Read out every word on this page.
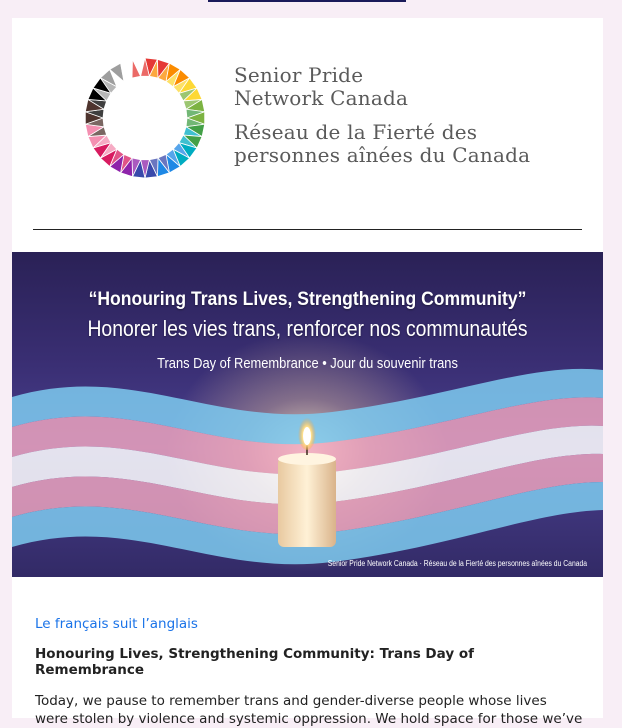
Senior Pride
Network Canada
Réseau de la Fierté des
personnes aînées du Canada
“Honouring Trans Lives, Strengthening Community”
Honorer les vies trans, renforcer nos communautés
Trans Day of Remembrance • Jour du souvenir trans
Senior Pride Network Canada · Réseau de la Fierté des personnes aînées du Canada
Le français suit l’anglais
Honouring Lives, Strengthening Community: Trans Day of Remembrance
Today, we pause to remember trans and gender-diverse people whose lives were stolen by violence and systemic oppression. We hold space for those we’ve
